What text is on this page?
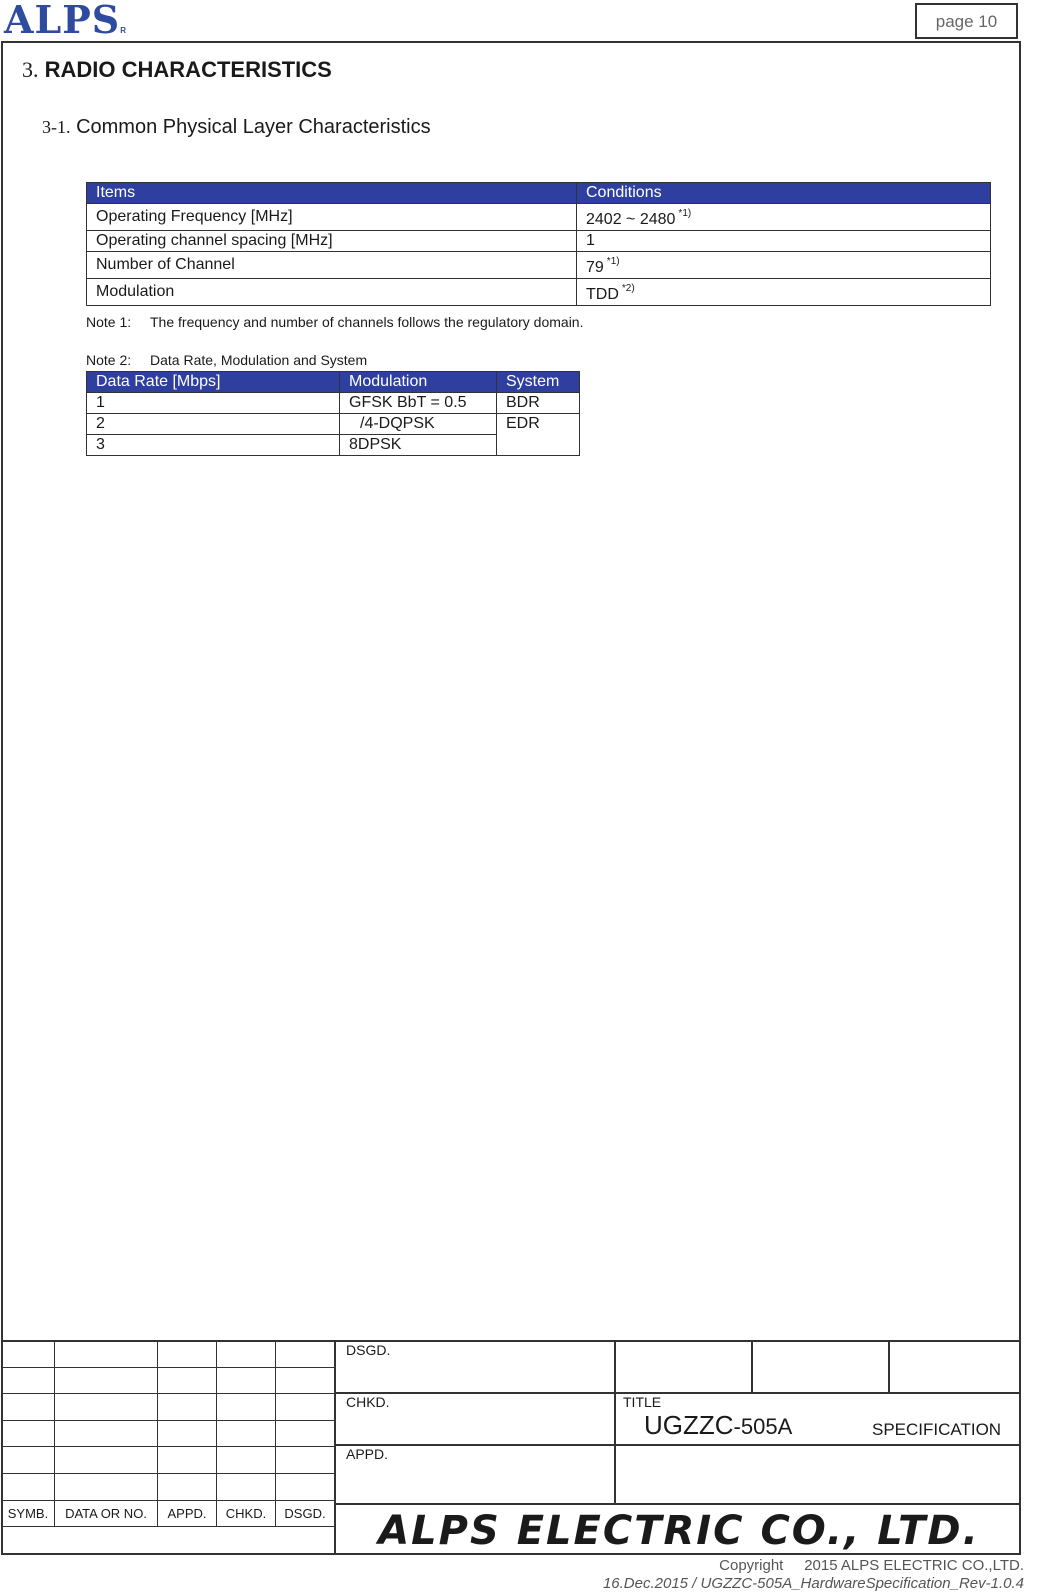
ALPSR	page 10
3. RADIO CHARACTERISTICS
3-1. Common Physical Layer Characteristics
Items	Conditions
Operating Frequency [MHz]	2402 ~ 2480 $^{*1)}$
Operating channel spacing [MHz]	1
Number of Channel	79 $^{*1)}$
Modulation	TDD $^{*2)}$
Note 1: The frequency and number of channels follows the regulatory domain.
Note 2: Data Rate, Modulation and System
Data Rate [Mbps]	Modulation	System
1	GFSK BbT = 0.5	BDR
2	/4-DQPSK	EDR
3	8DPSK	

SYMB.	DATA OR NO.	APPD.	CHKD.	DSGD.
DSGD.
CHKD.
APPD.
TITLE
UGZZC-505A	SPECIFICATION
ALPS ELECTRIC CO., LTD.
Copyright 2015 ALPS ELECTRIC CO.,LTD.
16.Dec.2015 / UGZZC-505A_HardwareSpecification_Rev-1.0.4
